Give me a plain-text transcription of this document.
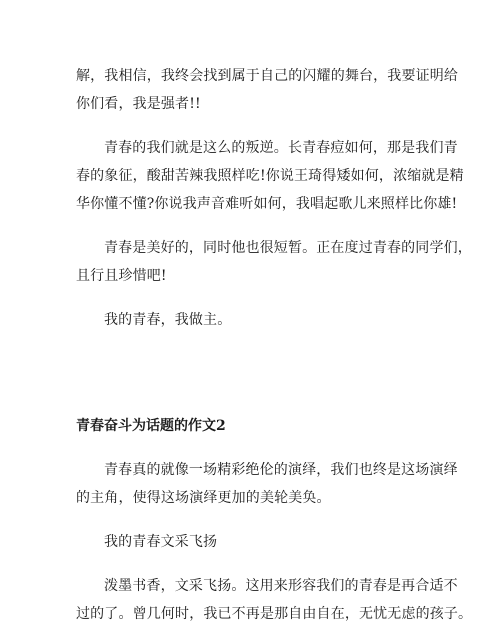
解，我相信，我终会找到属于自己的闪耀的舞台，我要证明给
你们看，我是强者!!

青春的我们就是这么的叛逆。长青春痘如何，那是我们青
春的象征，酸甜苦辣我照样吃!你说王琦得矮如何，浓缩就是精
华你懂不懂?你说我声音难听如何，我唱起歌儿来照样比你雄!

青春是美好的，同时他也很短暂。正在度过青春的同学们，
且行且珍惜吧!

我的青春，我做主。

青春奋斗为话题的作文2

青春真的就像一场精彩绝伦的演绎，我们也终是这场演绎
的主角，使得这场演绎更加的美轮美奂。

我的青春文采飞扬

泼墨书香，文采飞扬。这用来形容我们的青春是再合适不
过的了。曾几何时，我已不再是那自由自在，无忧无虑的孩子。
